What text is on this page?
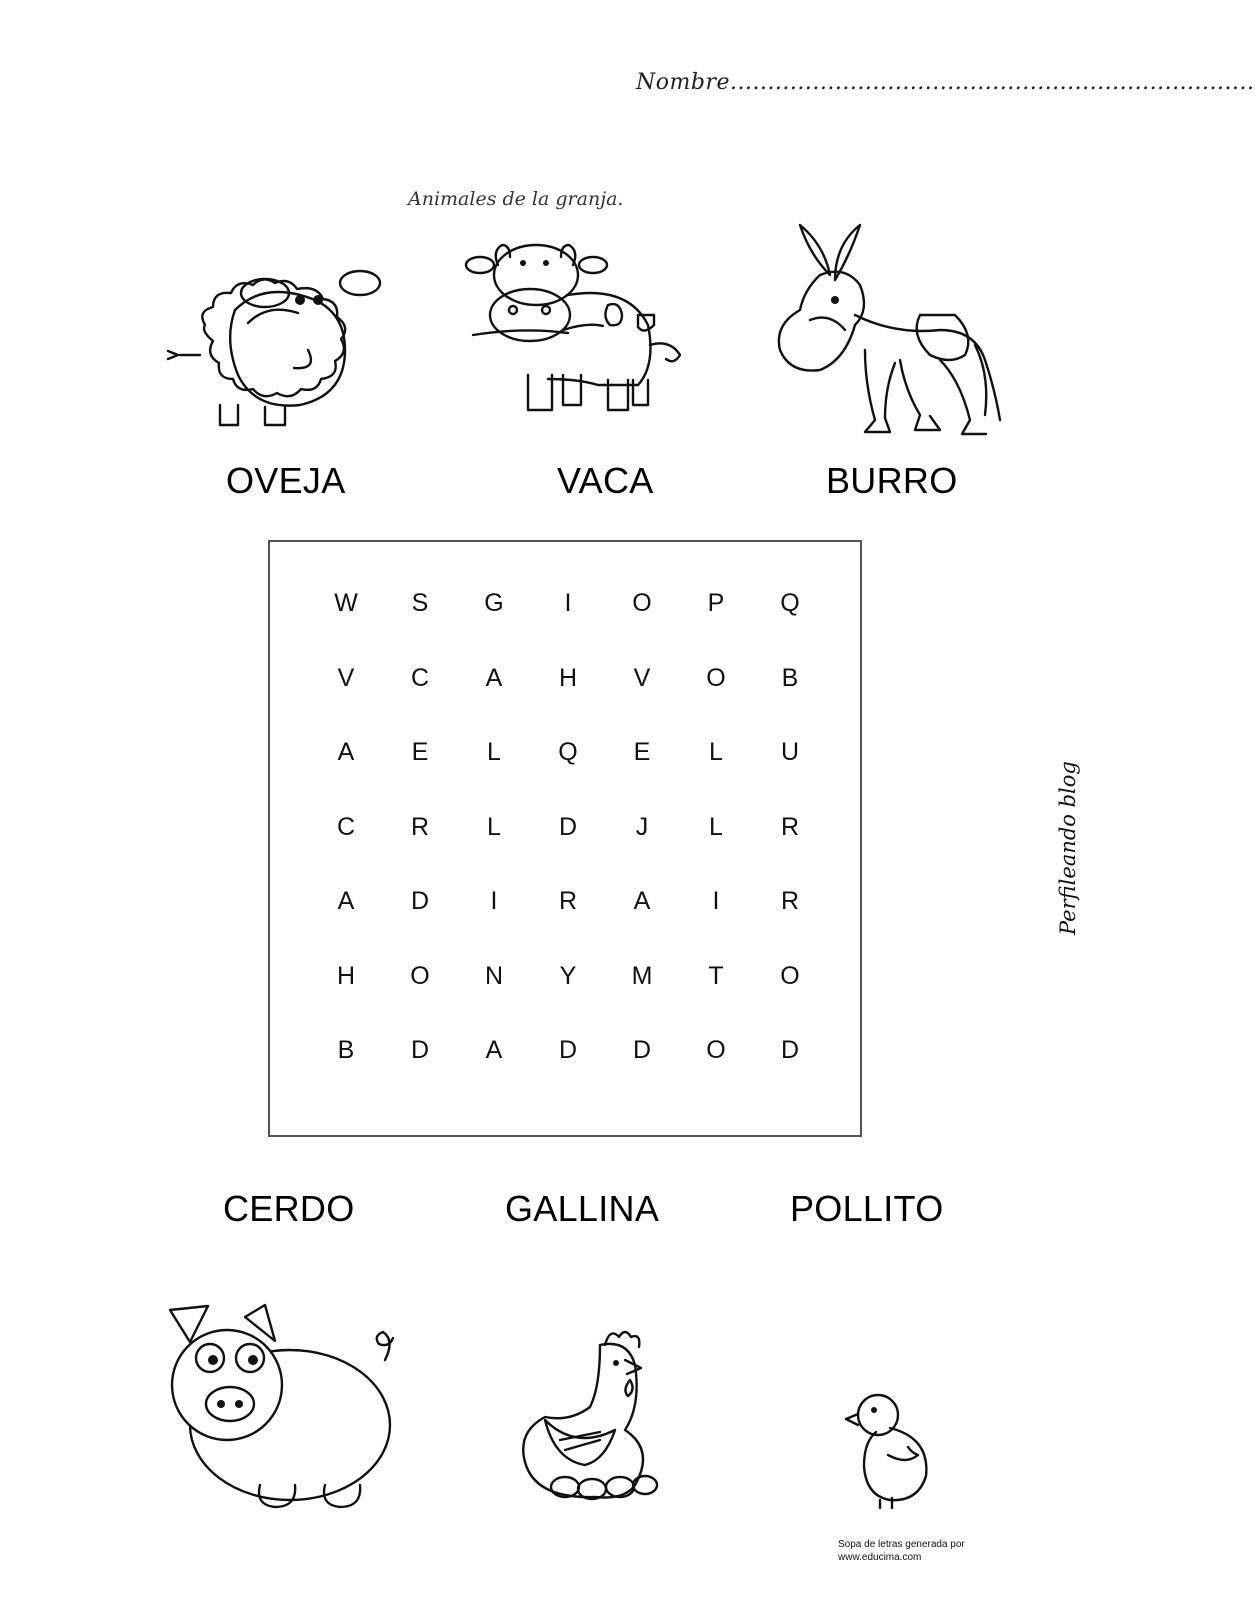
Nombre......................................................................
Animales de la granja.
OVEJA	VACA	BURRO
W	S	G	I	O	P	Q
V	C	A	H	V	O	B
A	E	L	Q	E	L	U
C	R	L	D	J	L	R
A	D	I	R	A	I	R
H	O	N	Y	M	T	O
B	D	A	D	D	O	D
Perfileando blog
CERDO	GALLINA	POLLITO
Sopa de letras generada por
www.educima.com
